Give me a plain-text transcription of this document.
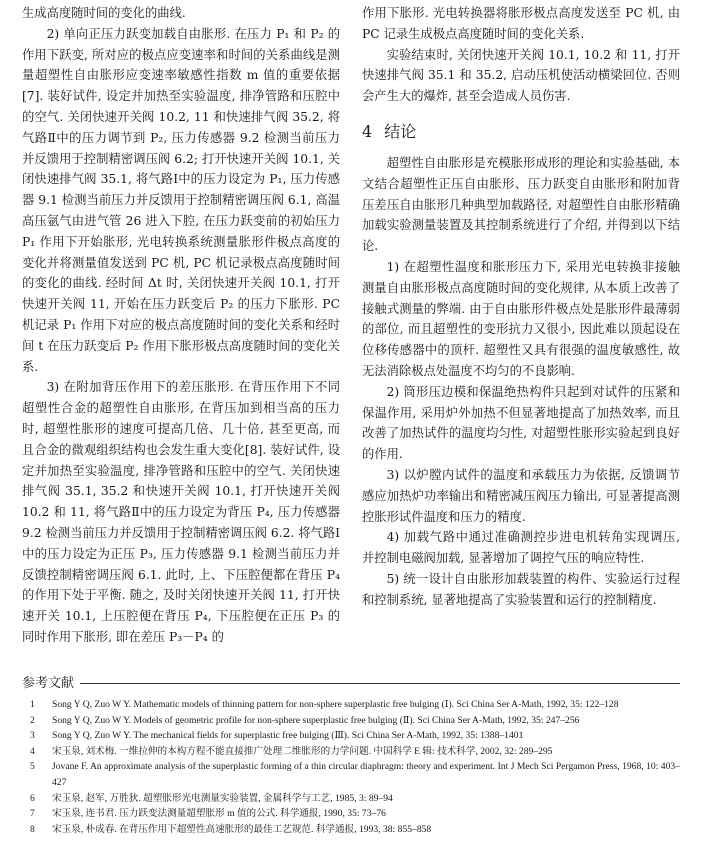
生成高度随时间的变化的曲线.

2) 单向正压力跃变加载自由胀形. 在压力 P₁ 和 P₂ 的作用下跃变, 所对应的极点应变速率和时间的关系曲线是测量超塑性自由胀形应变速率敏感性指数 m 值的重要依据[7]. 装好试件, 设定并加热至实验温度, 排净管路和压腔中的空气. 关闭快速开关阀 10.2, 11 和快速排气阀 35.2, 将气路Ⅱ中的压力调节到 P₂, 压力传感器 9.2 检测当前压力并反馈用于控制精密调压阀 6.2; 打开快速开关阀 10.1, 关闭快速排气阀 35.1, 将气路Ⅰ中的压力设定为 P₁, 压力传感器 9.1 检测当前压力并反馈用于控制精密调压阀 6.1, 高温高压氩气由进气管 26 进入下腔, 在压力跃变前的初始压力 P₁ 作用下开始胀形, 光电转换系统测量胀形件极点高度的变化并将测量值发送到 PC 机, PC 机记录极点高度随时间的变化的曲线. 经时间 Δt 时, 关闭快速开关阀 10.1, 打开快速开关阀 11, 开始在压力跃变后 P₂ 的压力下胀形. PC 机记录 P₁ 作用下对应的极点高度随时间的变化关系和经时间 t 在压力跃变后 P₂ 作用下胀形极点高度随时间的变化关系.

3) 在附加背压作用下的差压胀形. 在背压作用下不同超塑性合金的超塑性自由胀形, 在背压加到相当高的压力时, 超塑性胀形的速度可提高几倍、几十倍, 甚至更高, 而且合金的微观组织结构也会发生重大变化[8]. 装好试件, 设定并加热至实验温度, 排净管路和压腔中的空气. 关闭快速排气阀 35.1, 35.2 和快速开关阀 10.1, 打开快速开关阀 10.2 和 11, 将气路Ⅱ中的压力设定为背压 P₄, 压力传感器 9.2 检测当前压力并反馈用于控制精密调压阀 6.2. 将气路Ⅰ中的压力设定为正压 P₃, 压力传感器 9.1 检测当前压力并反馈控制精密调压阀 6.1. 此时, 上、下压腔便都在背压 P₄ 的作用下处于平衡. 随之, 及时关闭快速开关阀 11, 打开快速开关 10.1, 上压腔便在背压 P₄, 下压腔便在正压 P₃ 的同时作用下胀形, 即在差压 P₃－P₄ 的

作用下胀形. 光电转换器将胀形极点高度发送至 PC 机, 由 PC 记录生成极点高度随时间的变化关系.

实验结束时, 关闭快速开关阀 10.1, 10.2 和 11, 打开快速排气阀 35.1 和 35.2, 启动压机使活动横梁回位. 否则会产生大的爆炸, 甚至会造成人员伤害.

4 结论

超塑性自由胀形是充模胀形成形的理论和实验基础, 本文结合超塑性正压自由胀形、压力跃变自由胀形和附加背压差压自由胀形几种典型加载路径, 对超塑性自由胀形精确加载实验测量装置及其控制系统进行了介绍, 并得到以下结论.

1) 在超塑性温度和胀形压力下, 采用光电转换非接触测量自由胀形极点高度随时间的变化规律, 从本质上改善了接触式测量的弊端. 由于自由胀形件极点处是胀形件最薄弱的部位, 而且超塑性的变形抗力又很小, 因此难以顶起设在位移传感器中的顶杆. 超塑性又具有很强的温度敏感性, 故无法消除极点处温度不均匀的不良影响.

2) 筒形压边模和保温绝热构件只起到对试件的压紧和保温作用, 采用炉外加热不但显著地提高了加热效率, 而且改善了加热试件的温度均匀性, 对超塑性胀形实验起到良好的作用.

3) 以炉膛内试件的温度和承载压力为依据, 反馈调节感应加热炉功率输出和精密减压阀压力输出, 可显著提高测控胀形试件温度和压力的精度.

4) 加载气路中通过准确测控步进电机转角实现调压, 并控制电磁阀加载, 显著增加了调控气压的响应特性.

5) 统一设计自由胀形加载装置的构件、实验运行过程和控制系统, 显著地提高了实验装置和运行的控制精度.

参考文献
1	Song Y Q, Zuo W Y. Mathematic models of thinning pattern for non-sphere superplastic free bulging (Ⅰ). Sci China Ser A-Math, 1992, 35: 122–128
2	Song Y Q, Zuo W Y. Models of geometric profile for non-sphere superplastic free bulging (Ⅱ). Sci China Ser A-Math, 1992, 35: 247–256
3	Song Y Q, Zuo W Y. The mechanical fields for superplastic free bulging (Ⅲ). Sci China Ser A-Math, 1992, 35: 1388–1401
4	宋玉泉, 刘术梅. 一维拉伸的本构方程不能直接推广处理二维胀形的力学问题. 中国科学 E 辑: 技术科学, 2002, 32: 289–295
5	Jovane F. An approximate analysis of the superplastic forming of a thin circular diaphragm: theory and experiment. Int J Mech Sci Pergamon Press, 1968, 10: 403–427
6	宋玉泉, 赵军, 万胜狄. 超塑胀形光电测量实验装置, 金属科学与工艺, 1985, 3: 89–94
7	宋玉泉, 连书君. 压力跃变法测量超塑胀形 m 值的公式. 科学通报, 1990, 35: 73–76
8	宋玉泉, 朴成春. 在背压作用下超塑性高速胀形的最佳工艺规范. 科学通报, 1993, 38: 855–858
